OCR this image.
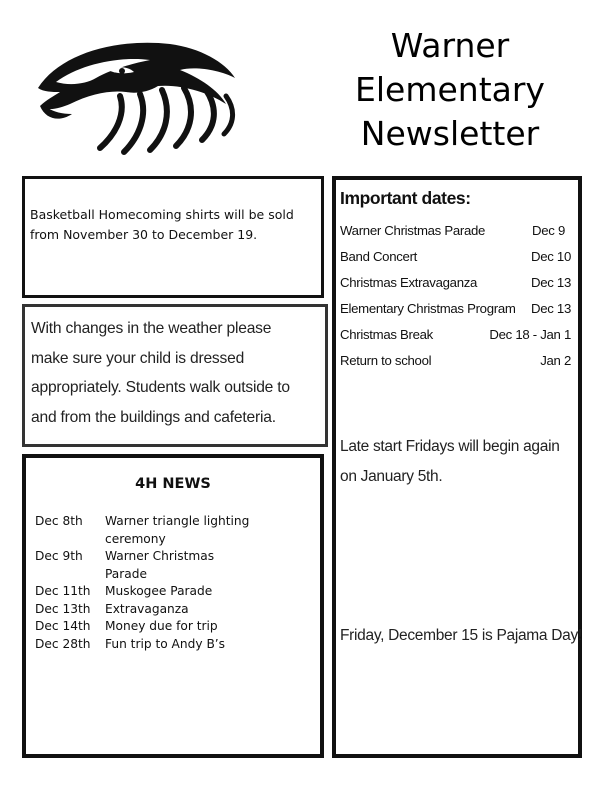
Warner
Elementary
Newsletter
Basketball Homecoming shirts will be sold
from November 30 to December 19.
With changes in the weather please
make sure your child is dressed
appropriately. Students walk outside to
and from the buildings and cafeteria.
4H NEWS
Dec 8th	Warner triangle lighting ceremony
Dec 9th	Warner Christmas Parade
Dec 11th	Muskogee Parade
Dec 13th	Extravaganza
Dec 14th	Money due for trip
Dec 28th	Fun trip to Andy B’s
Important dates:
Warner Christmas Parade	Dec 9
Band Concert	Dec 10
Christmas Extravaganza	Dec 13
Elementary Christmas Program Dec 13
Christmas Break	Dec 18 - Jan 1
Return to school	Jan 2
Late start Fridays will begin again
on January 5th.
Friday, December 15 is Pajama Day!
